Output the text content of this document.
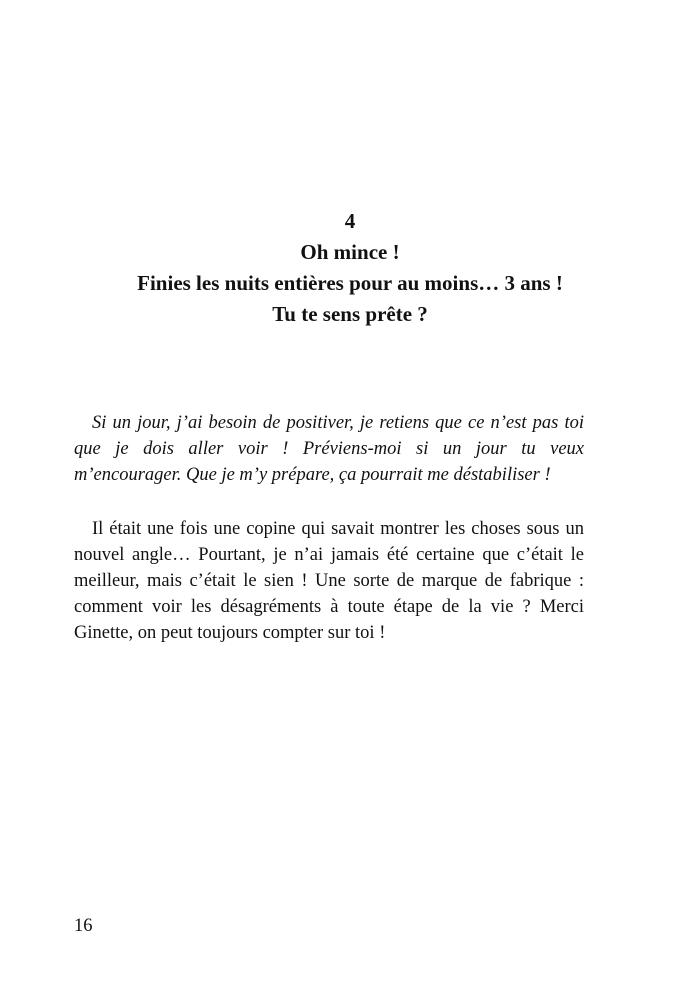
4
Oh mince !
Finies les nuits entières pour au moins… 3 ans !
Tu te sens prête ?

Si un jour, j’ai besoin de positiver, je retiens que ce n’est pas toi que je dois aller voir ! Préviens-moi si un jour tu veux m’encourager. Que je m’y prépare, ça pourrait me déstabiliser !

Il était une fois une copine qui savait montrer les choses sous un nouvel angle… Pourtant, je n’ai jamais été certaine que c’était le meilleur, mais c’était le sien ! Une sorte de marque de fabrique : comment voir les désagréments à toute étape de la vie ? Merci Ginette, on peut toujours compter sur toi !

16
